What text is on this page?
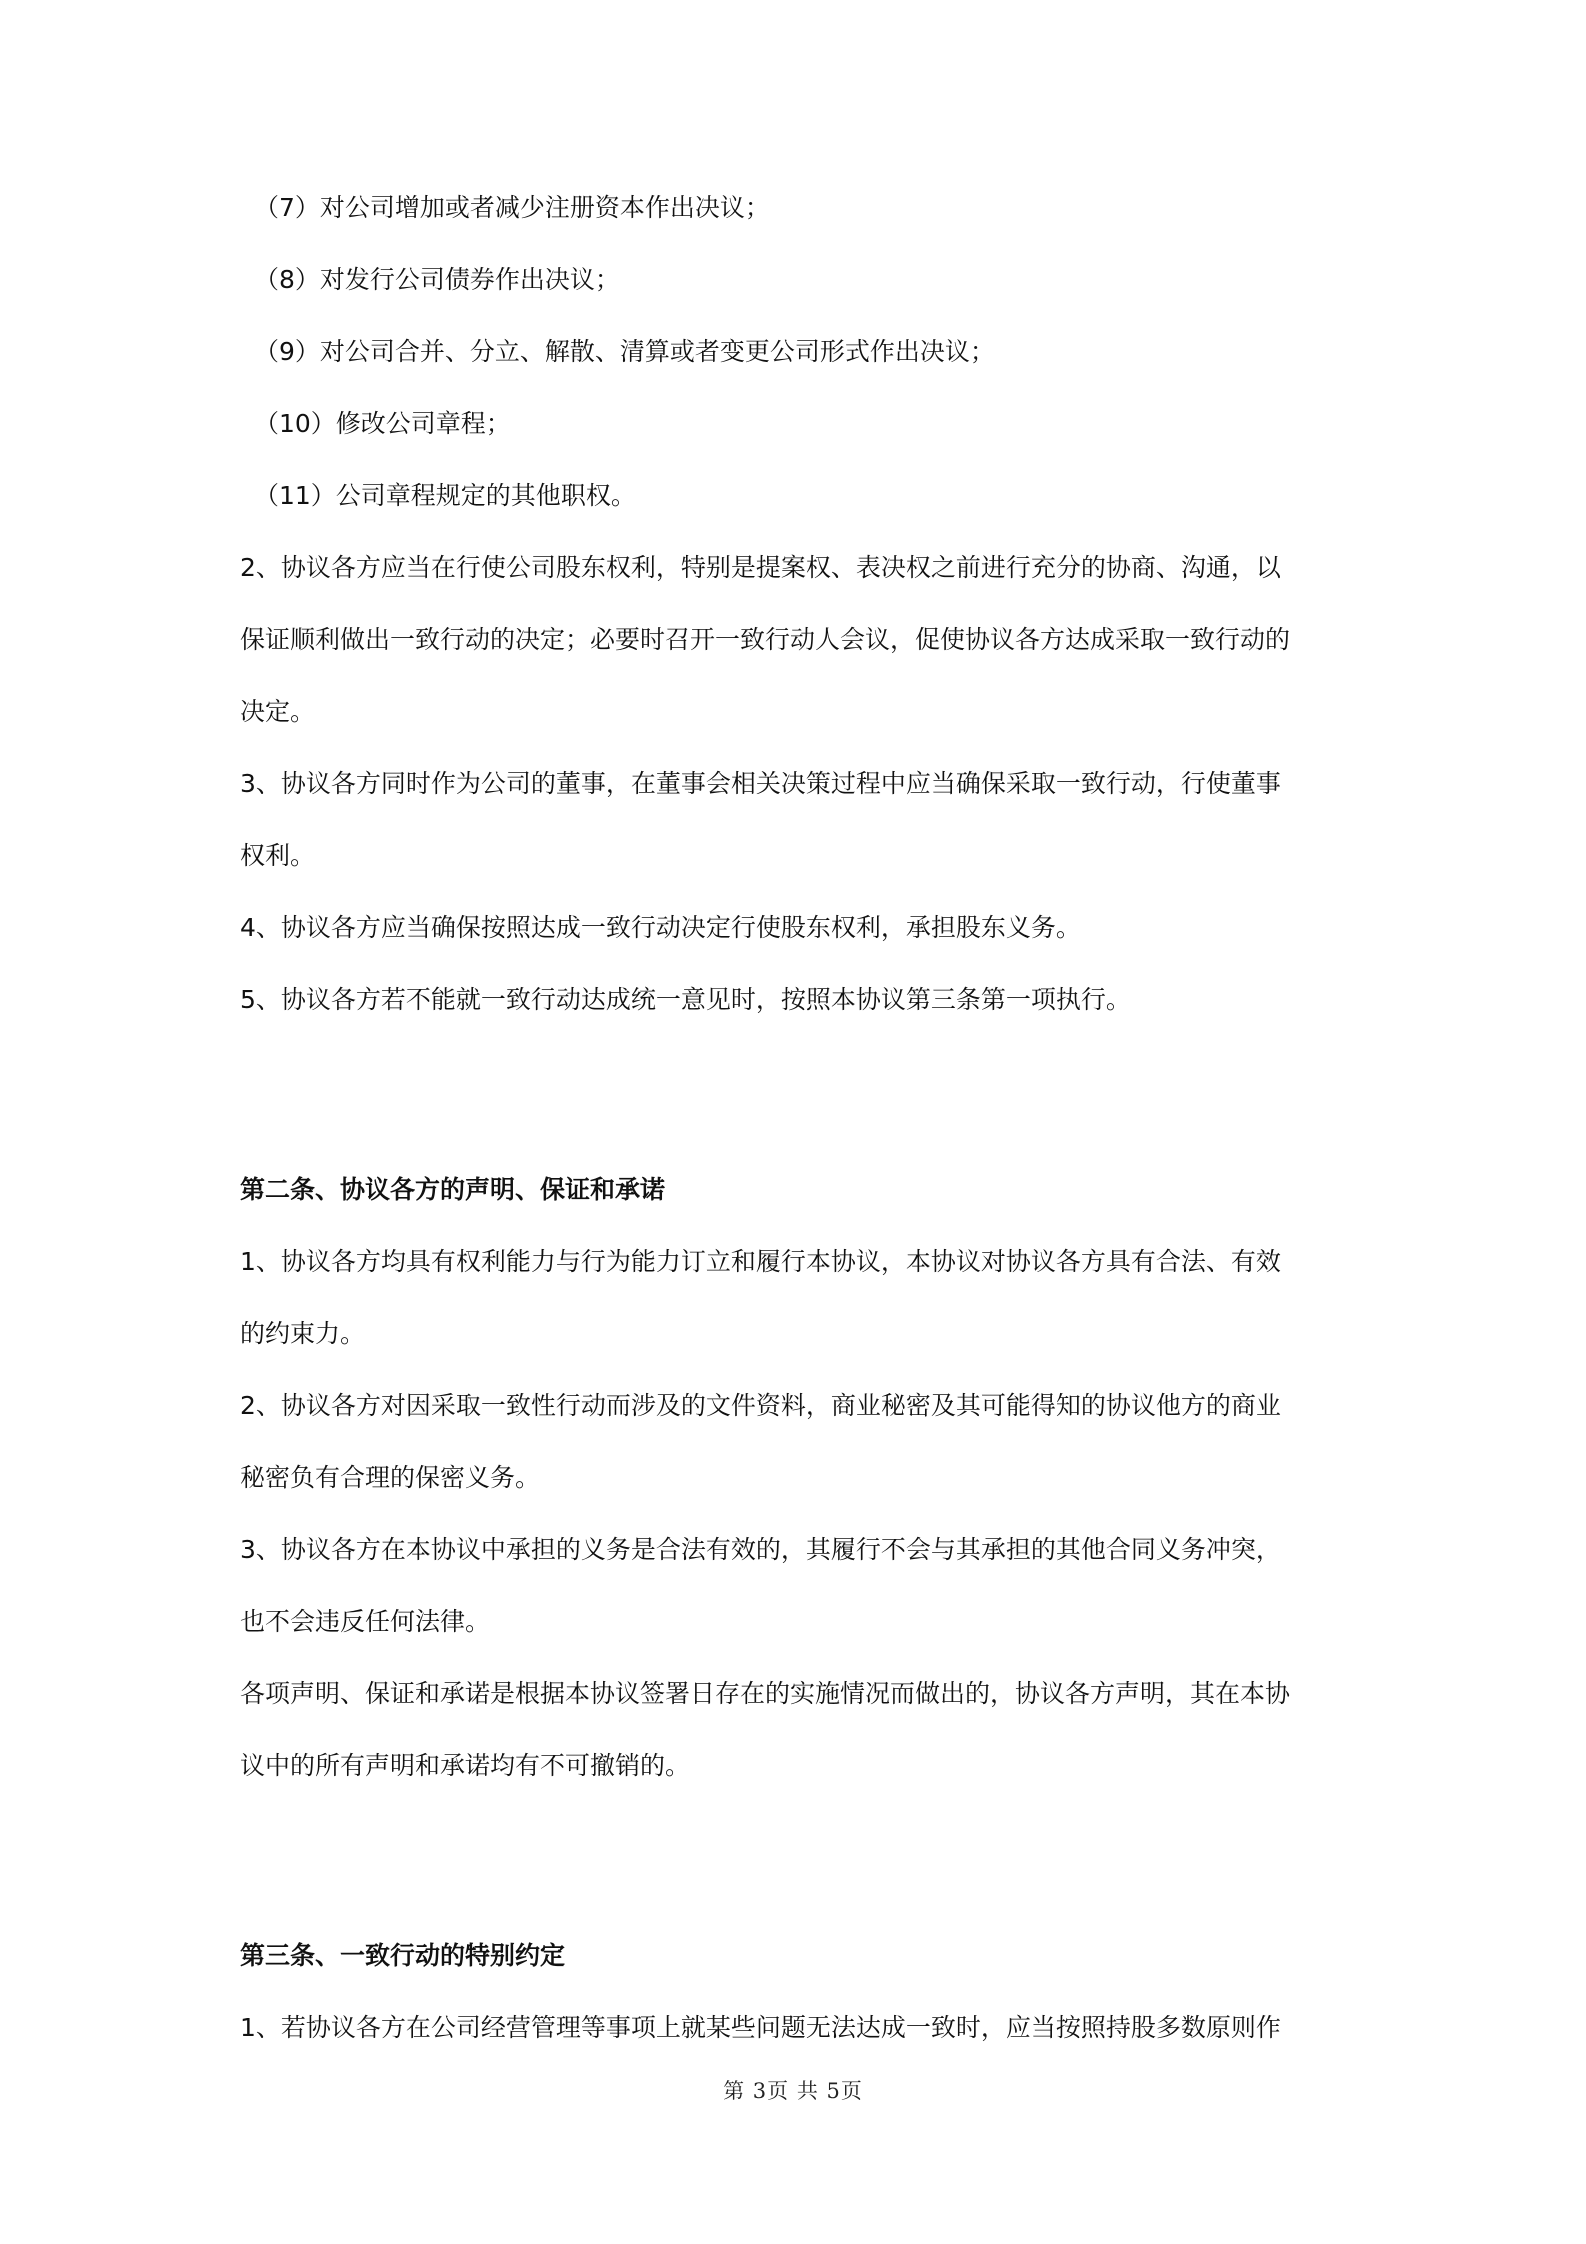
（7）对公司增加或者减少注册资本作出决议；
（8）对发行公司债券作出决议；
（9）对公司合并、分立、解散、清算或者变更公司形式作出决议；
（10）修改公司章程；
（11）公司章程规定的其他职权。
2、协议各方应当在行使公司股东权利，特别是提案权、表决权之前进行充分的协商、沟通，以
保证顺利做出一致行动的决定；必要时召开一致行动人会议，促使协议各方达成采取一致行动的
决定。
3、协议各方同时作为公司的董事，在董事会相关决策过程中应当确保采取一致行动，行使董事
权利。
4、协议各方应当确保按照达成一致行动决定行使股东权利，承担股东义务。
5、协议各方若不能就一致行动达成统一意见时，按照本协议第三条第一项执行。
第二条、协议各方的声明、保证和承诺
1、协议各方均具有权利能力与行为能力订立和履行本协议，本协议对协议各方具有合法、有效
的约束力。
2、协议各方对因采取一致性行动而涉及的文件资料，商业秘密及其可能得知的协议他方的商业
秘密负有合理的保密义务。
3、协议各方在本协议中承担的义务是合法有效的，其履行不会与其承担的其他合同义务冲突，
也不会违反任何法律。
各项声明、保证和承诺是根据本协议签署日存在的实施情况而做出的，协议各方声明，其在本协
议中的所有声明和承诺均有不可撤销的。
第三条、一致行动的特别约定
1、若协议各方在公司经营管理等事项上就某些问题无法达成一致时，应当按照持股多数原则作
第 3页 共 5页
